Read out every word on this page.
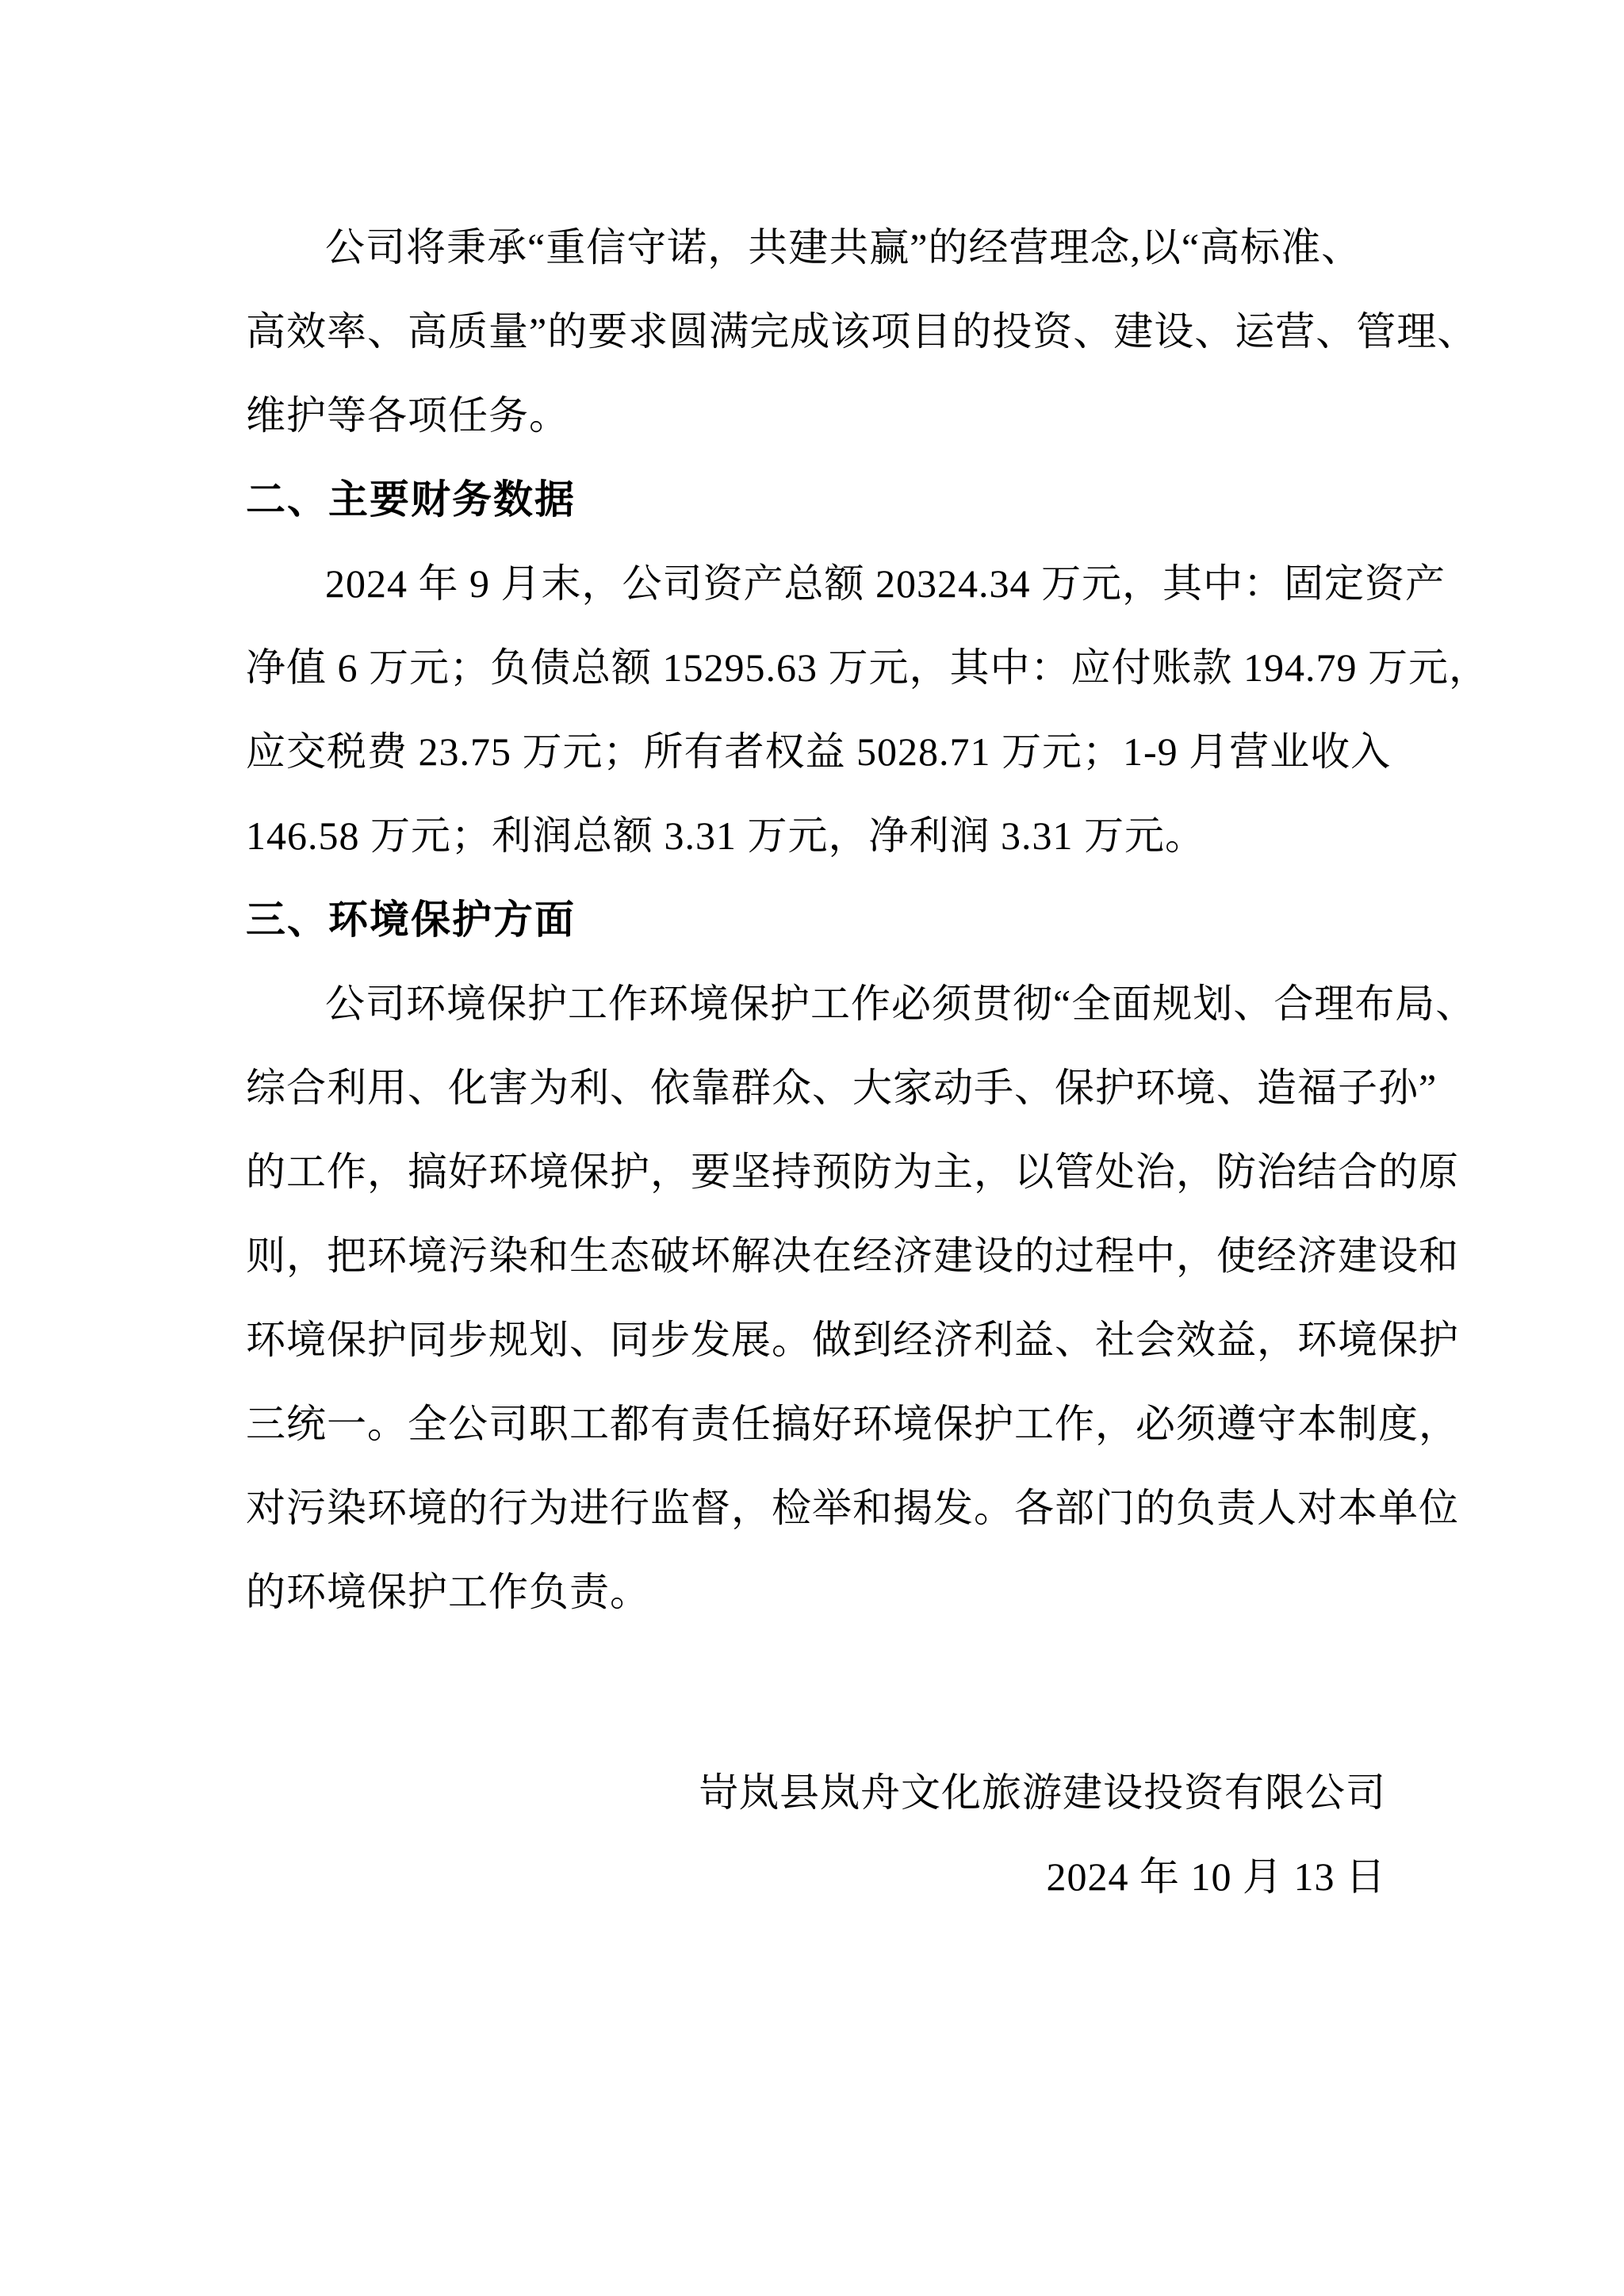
公司将秉承“重信守诺，共建共赢”的经营理念,以“高标准、

高效率、高质量”的要求圆满完成该项目的投资、建设、运营、管理、

维护等各项任务。

二、主要财务数据

2024 年 9 月末，公司资产总额 20324.34 万元，其中：固定资产

净值 6 万元；负债总额 15295.63 万元，其中：应付账款 194.79 万元，

应交税费 23.75 万元；所有者权益 5028.71 万元；1-9 月营业收入

146.58 万元；利润总额 3.31 万元，净利润 3.31 万元。

三、环境保护方面

公司环境保护工作环境保护工作必须贯彻“全面规划、合理布局、

综合利用、化害为利、依靠群众、大家动手、保护环境、造福子孙”

的工作，搞好环境保护，要坚持预防为主，以管处治，防治结合的原

则，把环境污染和生态破坏解决在经济建设的过程中，使经济建设和

环境保护同步规划、同步发展。做到经济利益、社会效益，环境保护

三统一。全公司职工都有责任搞好环境保护工作，必须遵守本制度，

对污染环境的行为进行监督，检举和揭发。各部门的负责人对本单位

的环境保护工作负责。

岢岚县岚舟文化旅游建设投资有限公司

2024 年 10 月 13 日
